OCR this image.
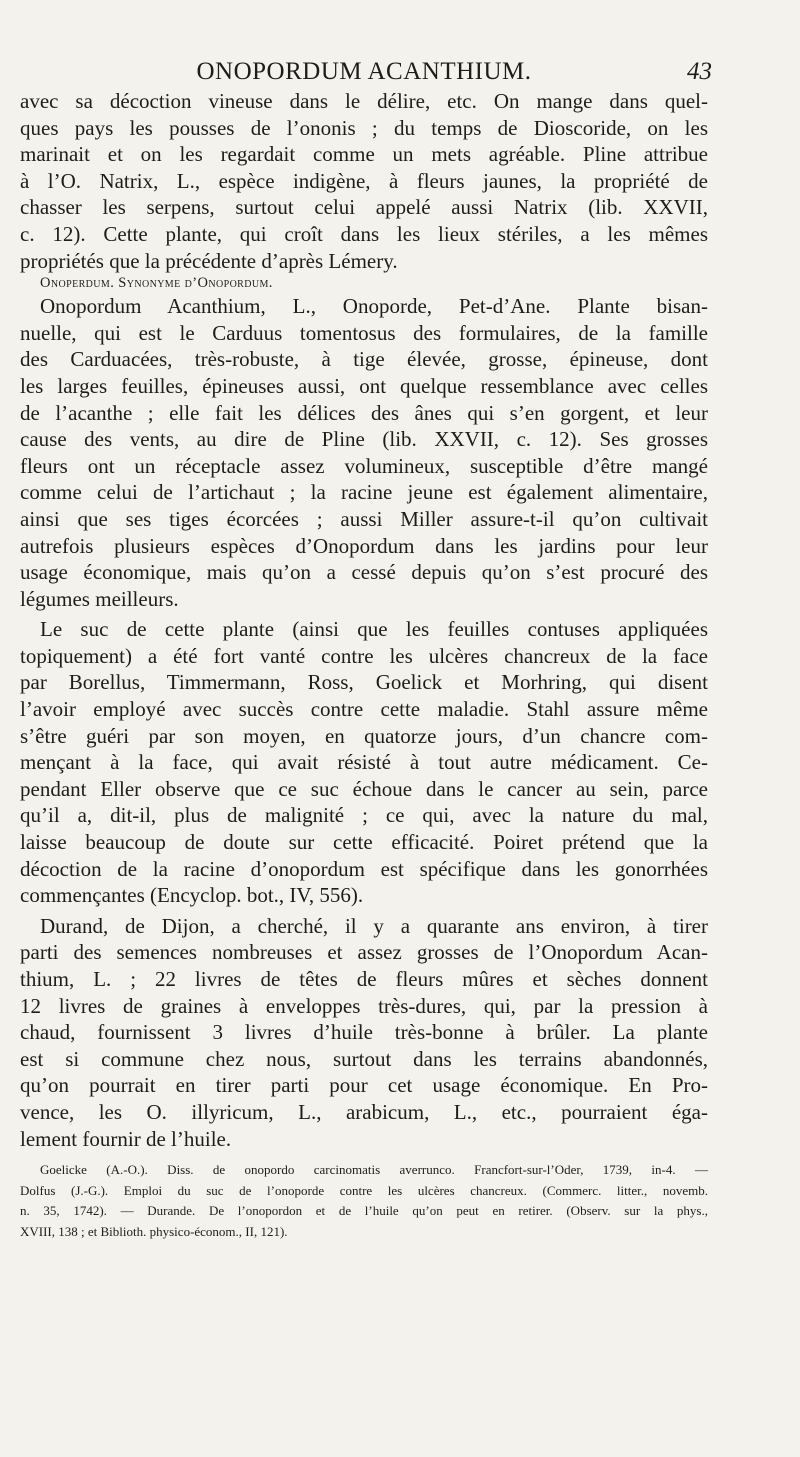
ONOPORDUM ACANTHIUM.	43
avec sa décoction vineuse dans le délire, etc. On mange dans quel-
ques pays les pousses de l’ononis ; du temps de Dioscoride, on les
marinait et on les regardait comme un mets agréable. Pline attribue
à l’O. Natrix, L., espèce indigène, à fleurs jaunes, la propriété de
chasser les serpens, surtout celui appelé aussi Natrix (lib. XXVII,
c. 12). Cette plante, qui croît dans les lieux stériles, a les mêmes
propriétés que la précédente d’après Lémery.
Onoperdum. Synonyme d’Onopordum.
Onopordum Acanthium, L., Onoporde, Pet-d’Ane. Plante bisan-
nuelle, qui est le Carduus tomentosus des formulaires, de la famille
des Carduacées, très-robuste, à tige élevée, grosse, épineuse, dont
les larges feuilles, épineuses aussi, ont quelque ressemblance avec celles
de l’acanthe ; elle fait les délices des ânes qui s’en gorgent, et leur
cause des vents, au dire de Pline (lib. XXVII, c. 12). Ses grosses
fleurs ont un réceptacle assez volumineux, susceptible d’être mangé
comme celui de l’artichaut ; la racine jeune est également alimentaire,
ainsi que ses tiges écorcées ; aussi Miller assure-t-il qu’on cultivait
autrefois plusieurs espèces d’Onopordum dans les jardins pour leur
usage économique, mais qu’on a cessé depuis qu’on s’est procuré des
légumes meilleurs.
Le suc de cette plante (ainsi que les feuilles contuses appliquées
topiquement) a été fort vanté contre les ulcères chancreux de la face
par Borellus, Timmermann, Ross, Goelick et Morhring, qui disent
l’avoir employé avec succès contre cette maladie. Stahl assure même
s’être guéri par son moyen, en quatorze jours, d’un chancre com-
mençant à la face, qui avait résisté à tout autre médicament. Ce-
pendant Eller observe que ce suc échoue dans le cancer au sein, parce
qu’il a, dit-il, plus de malignité ; ce qui, avec la nature du mal,
laisse beaucoup de doute sur cette efficacité. Poiret prétend que la
décoction de la racine d’onopordum est spécifique dans les gonorrhées
commençantes (Encyclop. bot., IV, 556).
Durand, de Dijon, a cherché, il y a quarante ans environ, à tirer
parti des semences nombreuses et assez grosses de l’Onopordum Acan-
thium, L. ; 22 livres de têtes de fleurs mûres et sèches donnent
12 livres de graines à enveloppes très-dures, qui, par la pression à
chaud, fournissent 3 livres d’huile très-bonne à brûler. La plante
est si commune chez nous, surtout dans les terrains abandonnés,
qu’on pourrait en tirer parti pour cet usage économique. En Pro-
vence, les O. illyricum, L., arabicum, L., etc., pourraient éga-
lement fournir de l’huile.
Goelicke (A.-O.). Diss. de onopordo carcinomatis averrunco. Francfort-sur-l’Oder, 1739, in-4. —
Dolfus (J.-G.). Emploi du suc de l’onoporde contre les ulcères chancreux. (Commerc. litter., novemb.
n. 35, 1742). — Durande. De l’onopordon et de l’huile qu’on peut en retirer. (Observ. sur la phys.,
XVIII, 138 ; et Biblioth. physico-économ., II, 121).
